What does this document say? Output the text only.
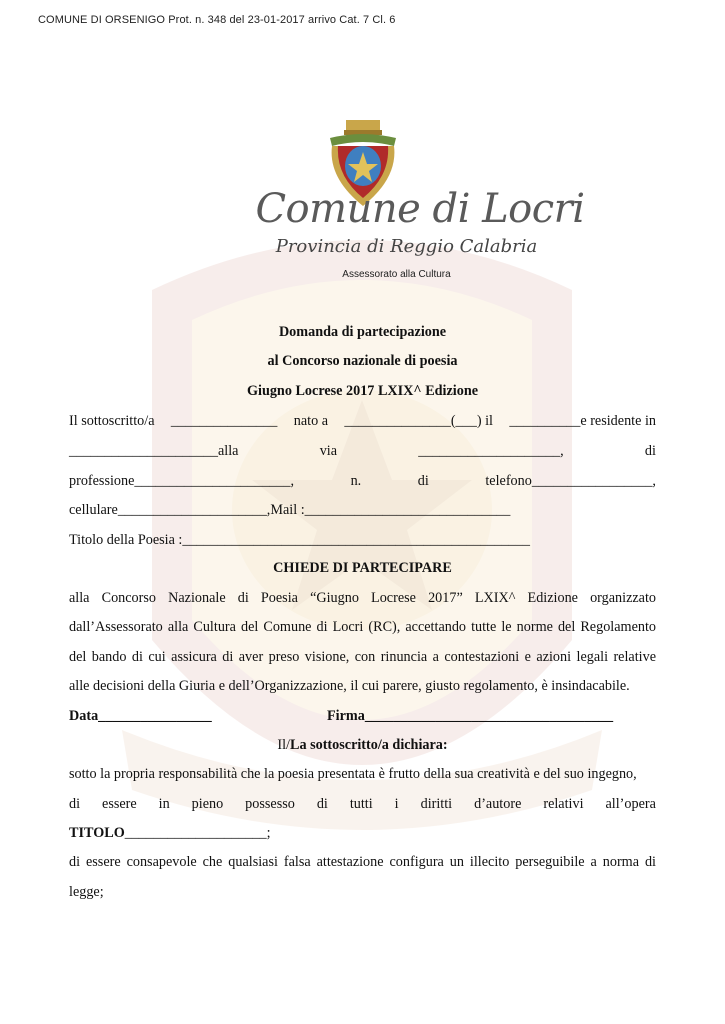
COMUNE DI ORSENIGO Prot. n. 348 del 23-01-2017 arrivo Cat. 7 Cl. 6
Comune di Locri
Provincia di Reggio Calabria
Assessorato alla Cultura
Domanda di partecipazione
al Concorso nazionale di poesia
Giugno Locrese 2017 LXIX^ Edizione
Il sottoscritto/a _______________ nato a _______________(___) il __________e residente in
_____________________alla	via	____________________,	di
professione______________________,	n.	di	telefono_________________,
cellulare_____________________,Mail :_____________________________
Titolo della Poesia :_________________________________________________
CHIEDE DI PARTECIPARE
alla Concorso Nazionale di Poesia “Giugno Locrese 2017” LXIX^ Edizione organizzato
dall’Assessorato alla Cultura del Comune di Locri (RC), accettando tutte le norme del Regolamento
del bando di cui assicura di aver preso visione, con rinuncia a contestazioni e azioni legali relative
alle decisioni della Giuria e dell’Organizzazione, il cui parere, giusto regolamento, è insindacabile.
Data________________	Firma___________________________________
Il/La sottoscritto/a dichiara:
sotto la propria responsabilità che la poesia presentata è frutto della sua creatività e del suo ingegno,
di essere in pieno possesso di tutti i diritti d’autore relativi all’opera
TITOLO____________________;
di essere consapevole che qualsiasi falsa attestazione configura un illecito perseguibile a norma di
legge;
